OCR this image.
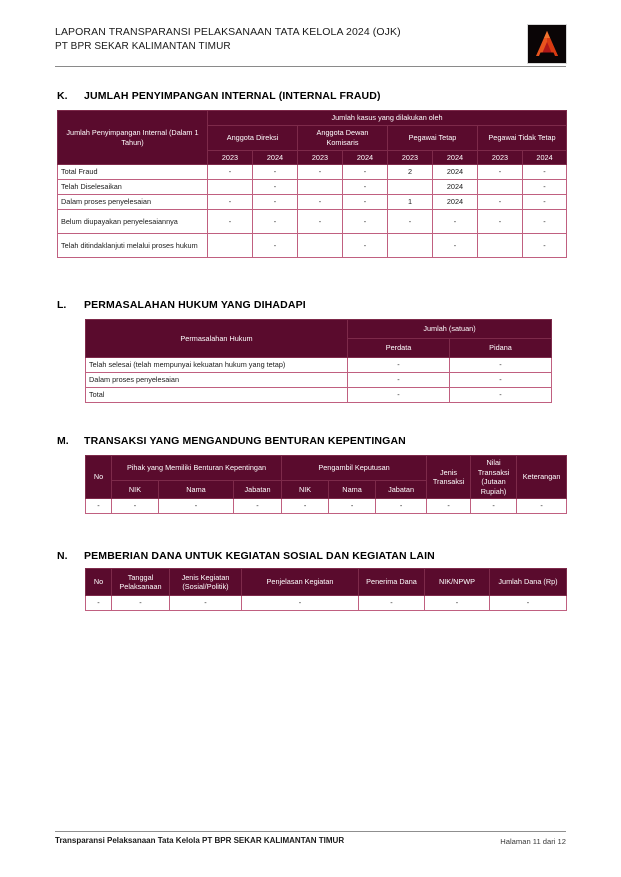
LAPORAN TRANSPARANSI PELAKSANAAN TATA KELOLA 2024 (OJK)
PT BPR SEKAR KALIMANTAN TIMUR
K. JUMLAH PENYIMPANGAN INTERNAL (INTERNAL FRAUD)
Jumlah Penyimpangan Internal (Dalam 1 Tahun)	Jumlah kasus yang dilakukan oleh							
	Anggota Direksi		Anggota Dewan Komisaris		Pegawai Tetap		Pegawai Tidak Tetap	
	2023	2024	2023	2024	2023	2024	2023	2024
Total Fraud	-	-	-	-	2	2024	-	-
Telah Diselesaikan		-		-		2024		-
Dalam proses penyelesaian	-	-	-	-	1	2024	-	-
Belum diupayakan penyelesaiannya	-	-	-	-	-	-	-	-
Telah ditindaklanjuti melalui proses hukum		-		-		-		-
L. PERMASALAHAN HUKUM YANG DIHADAPI
Permasalahan Hukum	Jumlah (satuan)	
	Perdata	Pidana
Telah selesai (telah mempunyai kekuatan hukum yang tetap)	-	-
Dalam proses penyelesaian	-	-
Total	-	-
M. TRANSAKSI YANG MENGANDUNG BENTURAN KEPENTINGAN
No	Pihak yang Memiliki Benturan Kepentingan			Pengambil Keputusan			Jenis Transaksi	Nilai Transaksi (Jutaan Rupiah)	Keterangan
	NIK	Nama	Jabatan	NIK	Nama	Jabatan			
-	-	-	-	-	-	-	-	-	-
N. PEMBERIAN DANA UNTUK KEGIATAN SOSIAL DAN KEGIATAN LAIN
No	Tanggal Pelaksanaan	Jenis Kegiatan (Sosial/Politik)	Penjelasan Kegiatan	Penerima Dana	NIK/NPWP	Jumlah Dana (Rp)
-	-	-	-	-	-	-
Transparansi Pelaksanaan Tata Kelola PT BPR SEKAR KALIMANTAN TIMUR	Halaman 11 dari 12
